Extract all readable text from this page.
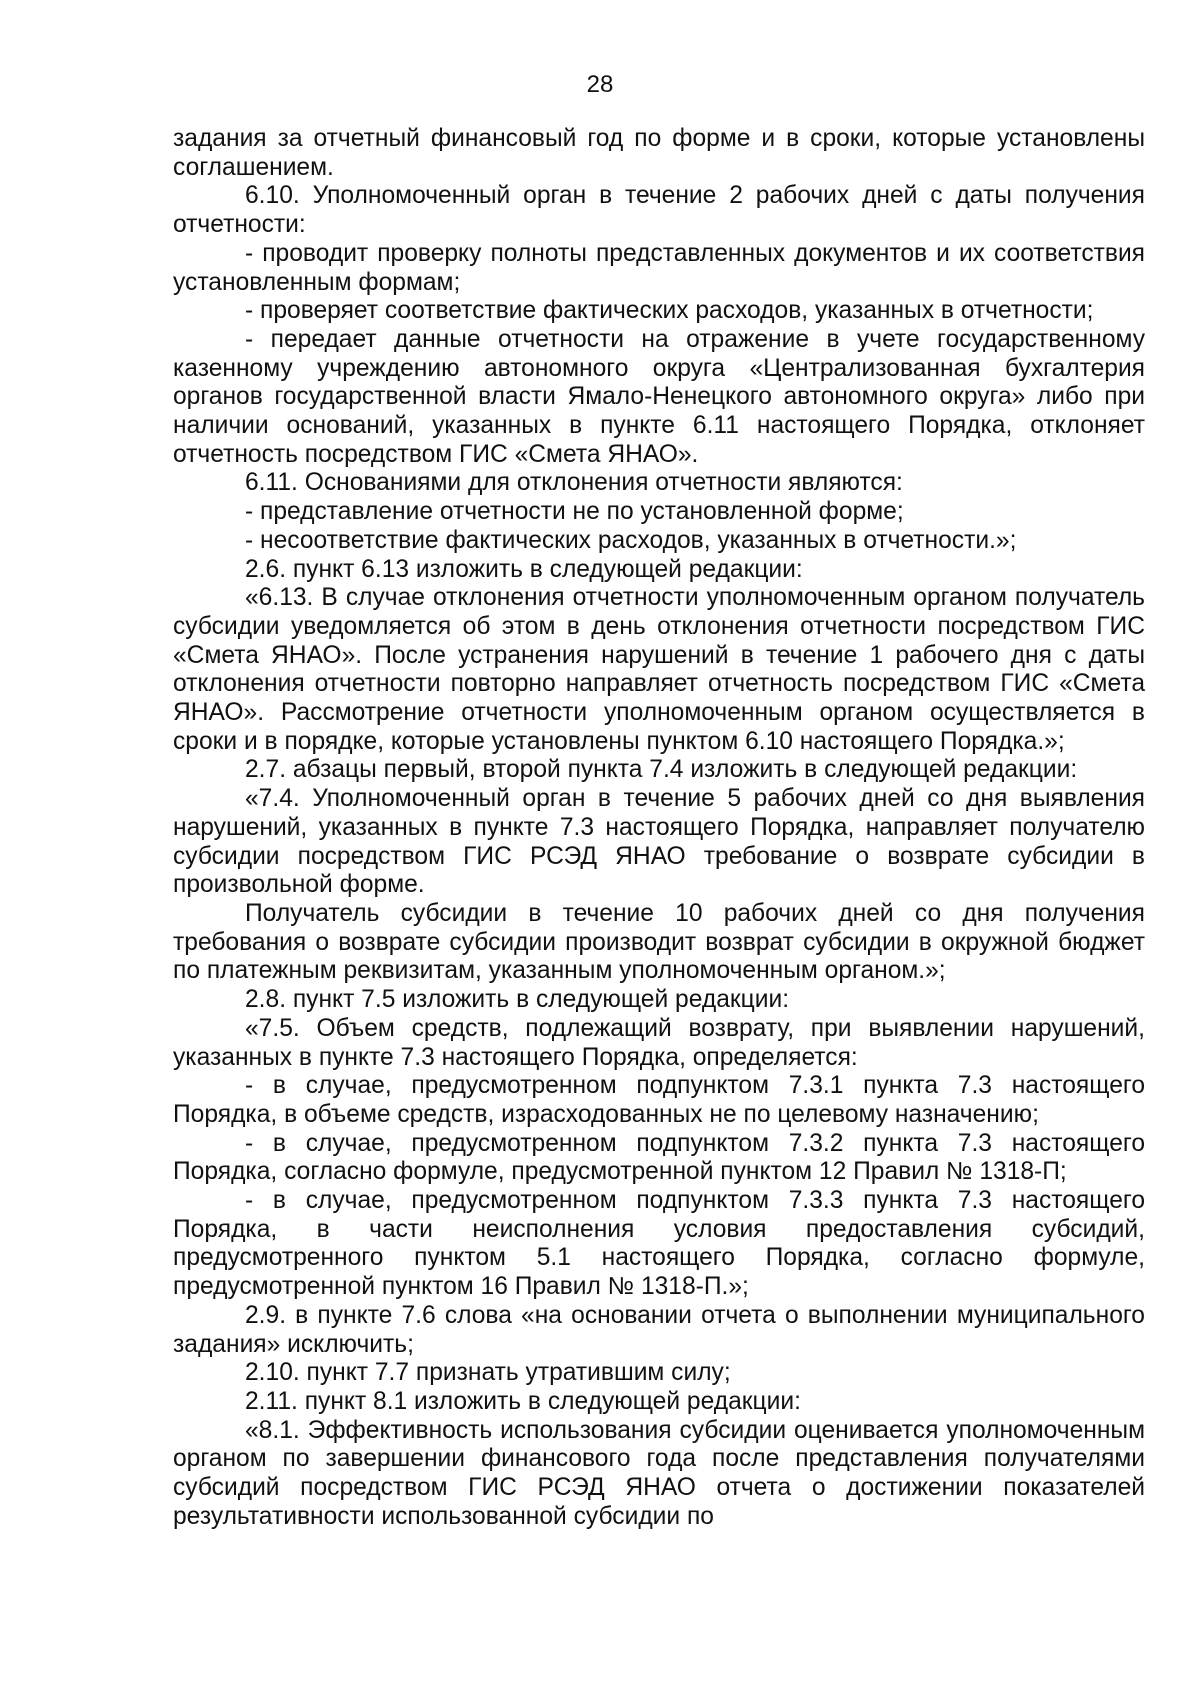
28

задания за отчетный финансовый год по форме и в сроки, которые установлены соглашением.

6.10. Уполномоченный орган в течение 2 рабочих дней с даты получения отчетности:

- проводит проверку полноты представленных документов и их соответствия установленным формам;

- проверяет соответствие фактических расходов, указанных в отчетности;

- передает данные отчетности на отражение в учете государственному казенному учреждению автономного округа «Централизованная бухгалтерия органов государственной власти Ямало-Ненецкого автономного округа» либо при наличии оснований, указанных в пункте 6.11 настоящего Порядка, отклоняет отчетность посредством ГИС «Смета ЯНАО».

6.11. Основаниями для отклонения отчетности являются:

- представление отчетности не по установленной форме;

- несоответствие фактических расходов, указанных в отчетности.»;

2.6. пункт 6.13 изложить в следующей редакции:

«6.13. В случае отклонения отчетности уполномоченным органом получатель субсидии уведомляется об этом в день отклонения отчетности посредством ГИС «Смета ЯНАО». После устранения нарушений в течение 1 рабочего дня с даты отклонения отчетности повторно направляет отчетность посредством ГИС «Смета ЯНАО». Рассмотрение отчетности уполномоченным органом осуществляется в сроки и в порядке, которые установлены пунктом 6.10 настоящего Порядка.»;

2.7. абзацы первый, второй пункта 7.4 изложить в следующей редакции:

«7.4. Уполномоченный орган в течение 5 рабочих дней со дня выявления нарушений, указанных в пункте 7.3 настоящего Порядка, направляет получателю субсидии посредством ГИС РСЭД ЯНАО требование о возврате субсидии в произвольной форме.

Получатель субсидии в течение 10 рабочих дней со дня получения требования о возврате субсидии производит возврат субсидии в окружной бюджет по платежным реквизитам, указанным уполномоченным органом.»;

2.8. пункт 7.5 изложить в следующей редакции:

«7.5. Объем средств, подлежащий возврату, при выявлении нарушений, указанных в пункте 7.3 настоящего Порядка, определяется:

- в случае, предусмотренном подпунктом 7.3.1 пункта 7.3 настоящего Порядка, в объеме средств, израсходованных не по целевому назначению;

- в случае, предусмотренном подпунктом 7.3.2 пункта 7.3 настоящего Порядка, согласно формуле, предусмотренной пунктом 12 Правил № 1318-П;

- в случае, предусмотренном подпунктом 7.3.3 пункта 7.3 настоящего Порядка, в части неисполнения условия предоставления субсидий, предусмотренного пунктом 5.1 настоящего Порядка, согласно формуле, предусмотренной пунктом 16 Правил № 1318-П.»;

2.9. в пункте 7.6 слова «на основании отчета о выполнении муниципального задания» исключить;

2.10. пункт 7.7 признать утратившим силу;

2.11. пункт 8.1 изложить в следующей редакции:

«8.1. Эффективность использования субсидии оценивается уполномоченным органом по завершении финансового года после представления получателями субсидий посредством ГИС РСЭД ЯНАО отчета о достижении показателей результативности использованной субсидии по
